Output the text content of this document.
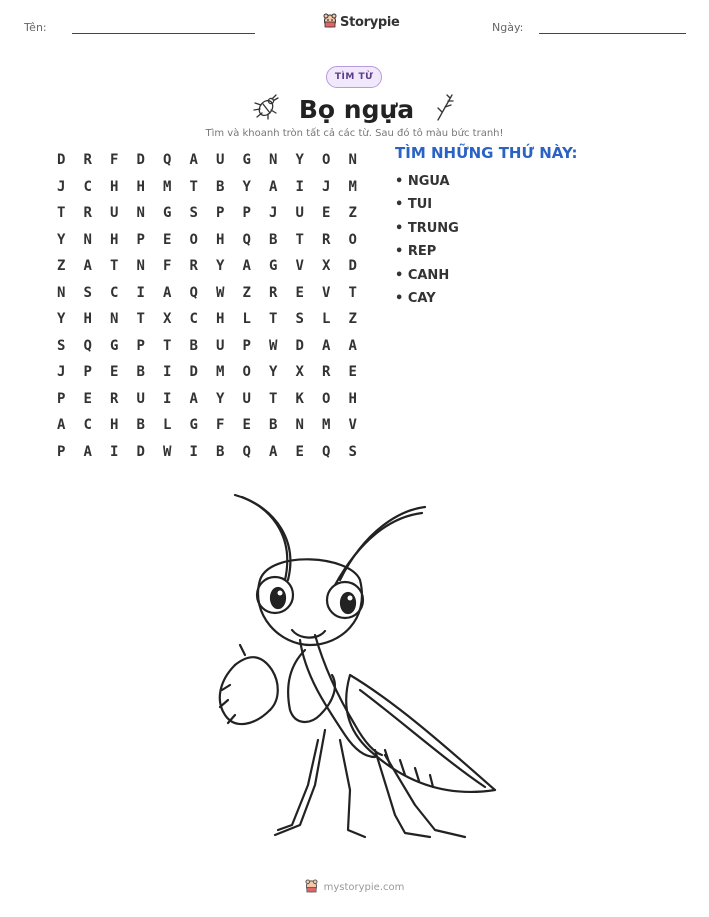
Tên:	Storypie	Ngày:
TÌM TỪ
Bọ ngựa
Tìm và khoanh tròn tất cả các từ. Sau đó tô màu bức tranh!
D	R	F	D	Q	A	U	G	N	Y	O	N
J	C	H	H	M	T	B	Y	A	I	J	M
T	R	U	N	G	S	P	P	J	U	E	Z
Y	N	H	P	E	O	H	Q	B	T	R	O
Z	A	T	N	F	R	Y	A	G	V	X	D
N	S	C	I	A	Q	W	Z	R	E	V	T
Y	H	N	T	X	C	H	L	T	S	L	Z
S	Q	G	P	T	B	U	P	W	D	A	A
J	P	E	B	I	D	M	O	Y	X	R	E
P	E	R	U	I	A	Y	U	T	K	O	H
A	C	H	B	L	G	F	E	B	N	M	V
P	A	I	D	W	I	B	Q	A	E	Q	S
TÌM NHỮNG THỨ NÀY:
• NGUA
• TUI
• TRUNG
• REP
• CANH
• CAY
mystorypie.com
